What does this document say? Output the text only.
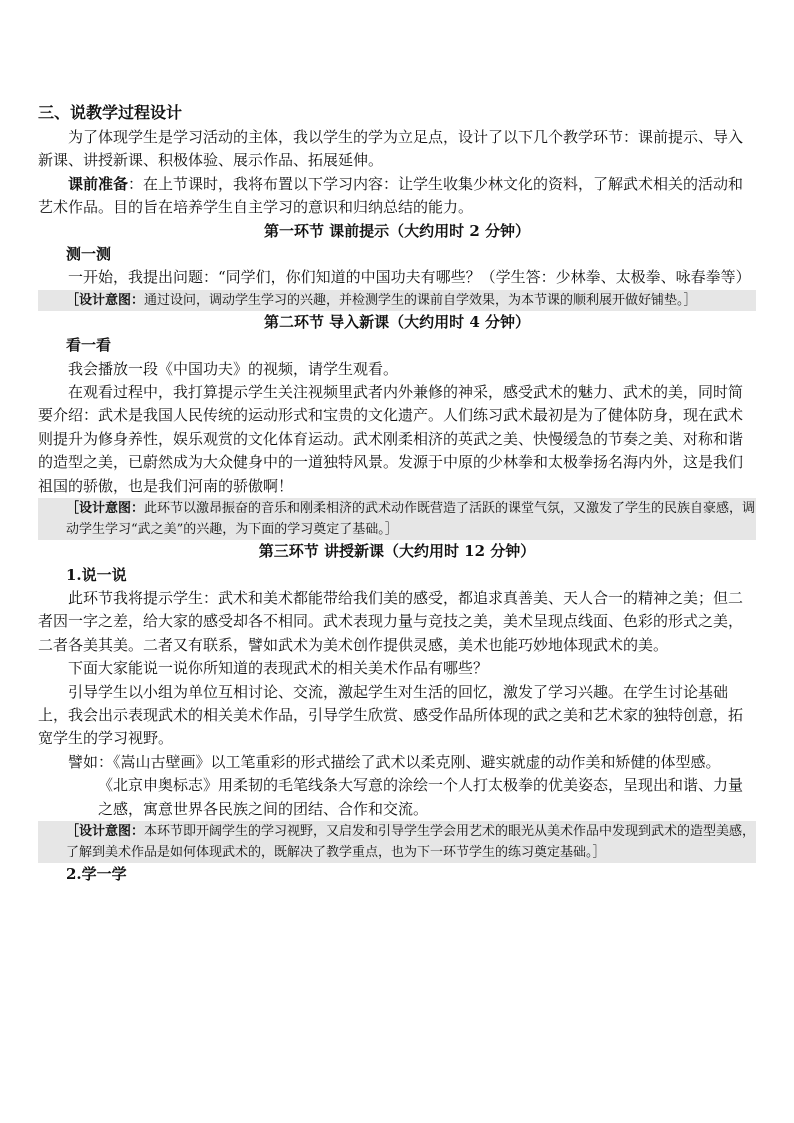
三、说教学过程设计

为了体现学生是学习活动的主体，我以学生的学为立足点，设计了以下几个教学环节：课前提示、导入新课、讲授新课、积极体验、展示作品、拓展延伸。

课前准备：在上节课时，我将布置以下学习内容：让学生收集少林文化的资料，了解武术相关的活动和艺术作品。目的旨在培养学生自主学习的意识和归纳总结的能力。

第一环节 课前提示（大约用时 2 分钟）

测一测

一开始，我提出问题：“同学们，你们知道的中国功夫有哪些？（学生答：少林拳、太极拳、咏春拳等）

［设计意图：通过设问，调动学生学习的兴趣，并检测学生的课前自学效果，为本节课的顺利展开做好铺垫。］

第二环节 导入新课（大约用时 4 分钟）

看一看

我会播放一段《中国功夫》的视频，请学生观看。

在观看过程中，我打算提示学生关注视频里武者内外兼修的神采，感受武术的魅力、武术的美，同时简要介绍：武术是我国人民传统的运动形式和宝贵的文化遗产。人们练习武术最初是为了健体防身，现在武术则提升为修身养性，娱乐观赏的文化体育运动。武术刚柔相济的英武之美、快慢缓急的节奏之美、对称和谐的造型之美，已蔚然成为大众健身中的一道独特风景。发源于中原的少林拳和太极拳扬名海内外，这是我们祖国的骄傲，也是我们河南的骄傲啊！

［设计意图：此环节以激昂振奋的音乐和刚柔相济的武术动作既营造了活跃的课堂气氛，又激发了学生的民族自豪感，调动学生学习“武之美”的兴趣，为下面的学习奠定了基础。］

第三环节 讲授新课（大约用时 12 分钟）

1.说一说

此环节我将提示学生：武术和美术都能带给我们美的感受，都追求真善美、天人合一的精神之美；但二者因一字之差，给大家的感受却各不相同。武术表现力量与竞技之美，美术呈现点线面、色彩的形式之美，二者各美其美。二者又有联系，譬如武术为美术创作提供灵感，美术也能巧妙地体现武术的美。

下面大家能说一说你所知道的表现武术的相关美术作品有哪些？

引导学生以小组为单位互相讨论、交流，激起学生对生活的回忆，激发了学习兴趣。在学生讨论基础上，我会出示表现武术的相关美术作品，引导学生欣赏、感受作品所体现的武之美和艺术家的独特创意，拓宽学生的学习视野。

譬如：《嵩山古壁画》以工笔重彩的形式描绘了武术以柔克刚、避实就虚的动作美和矫健的体型感。

《北京申奥标志》用柔韧的毛笔线条大写意的涂绘一个人打太极拳的优美姿态，呈现出和谐、力量之感，寓意世界各民族之间的团结、合作和交流。

［设计意图：本环节即开阔学生的学习视野，又启发和引导学生学会用艺术的眼光从美术作品中发现到武术的造型美感，了解到美术作品是如何体现武术的，既解决了教学重点，也为下一环节学生的练习奠定基础。］

2.学一学
